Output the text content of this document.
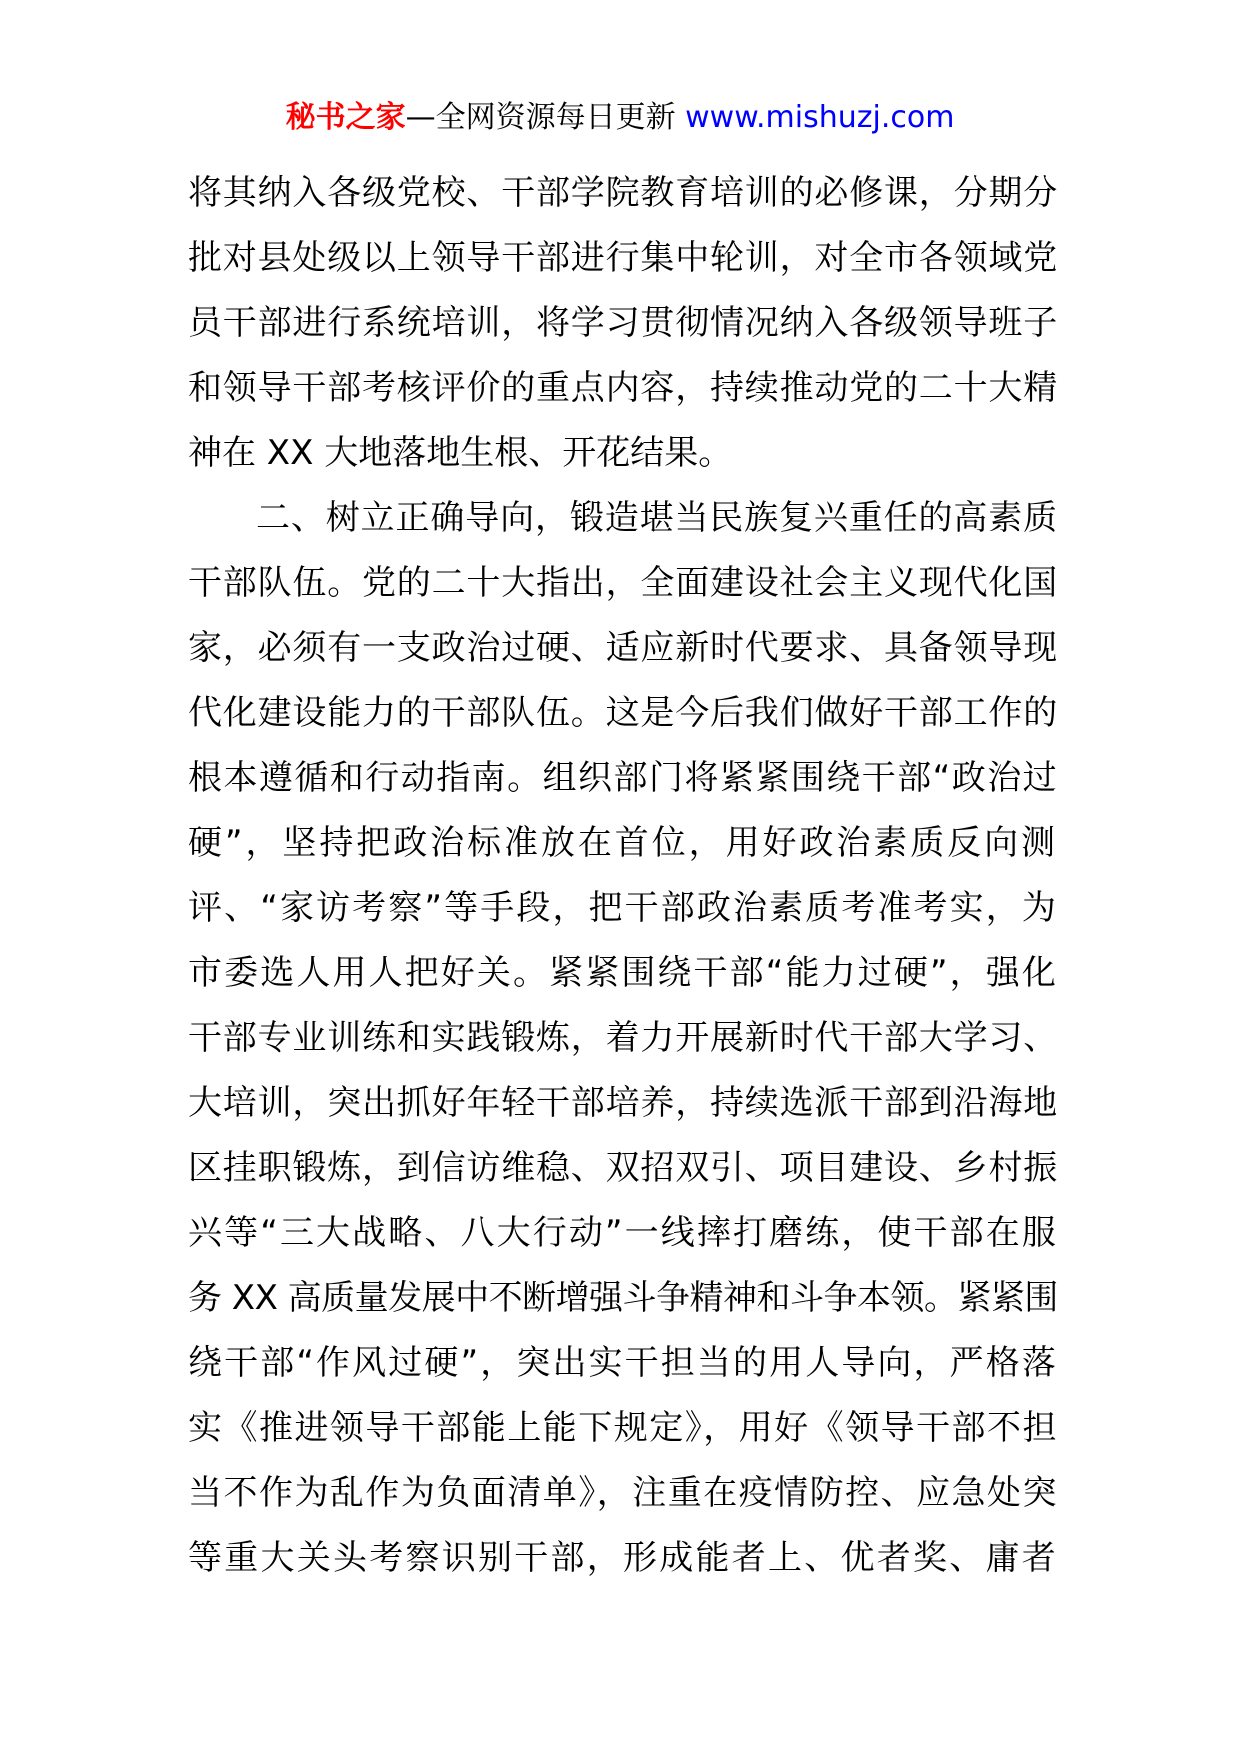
秘书之家—全网资源每日更新 www.mishuzj.com
将其纳入各级党校、干部学院教育培训的必修课，分期分
批对县处级以上领导干部进行集中轮训，对全市各领域党
员干部进行系统培训，将学习贯彻情况纳入各级领导班子
和领导干部考核评价的重点内容，持续推动党的二十大精
神在 XX 大地落地生根、开花结果。
二、树立正确导向，锻造堪当民族复兴重任的高素质
干部队伍。党的二十大指出，全面建设社会主义现代化国
家，必须有一支政治过硬、适应新时代要求、具备领导现
代化建设能力的干部队伍。这是今后我们做好干部工作的
根本遵循和行动指南。组织部门将紧紧围绕干部“政治过
硬”，坚持把政治标准放在首位，用好政治素质反向测
评、“家访考察”等手段，把干部政治素质考准考实，为
市委选人用人把好关。紧紧围绕干部“能力过硬”，强化
干部专业训练和实践锻炼，着力开展新时代干部大学习、
大培训，突出抓好年轻干部培养，持续选派干部到沿海地
区挂职锻炼，到信访维稳、双招双引、项目建设、乡村振
兴等“三大战略、八大行动”一线摔打磨练，使干部在服
务 XX 高质量发展中不断增强斗争精神和斗争本领。紧紧围
绕干部“作风过硬”，突出实干担当的用人导向，严格落
实《推进领导干部能上能下规定》，用好《领导干部不担
当不作为乱作为负面清单》，注重在疫情防控、应急处突
等重大关头考察识别干部，形成能者上、优者奖、庸者
